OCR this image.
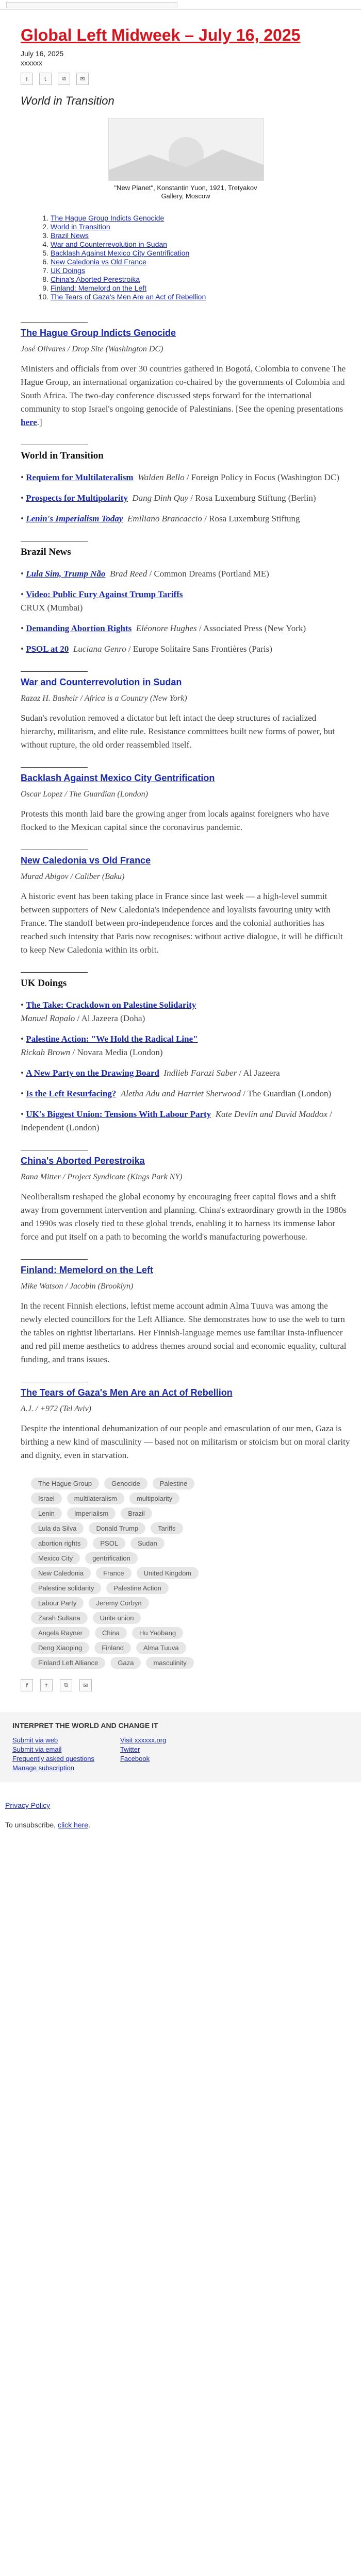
Global Left Midweek – July 16, 2025
July 16, 2025
xxxxxx
f	t	⧉ ✉
World in Transition
"New Planet", Konstantin Yuon, 1921, Tretyakov Gallery, Moscow
1. The Hague Group Indicts Genocide
2. World in Transition
3. Brazil News
4. War and Counterrevolution in Sudan
5. Backlash Against Mexico City Gentrification
6. New Caledonia vs Old France
7. UK Doings
8. China's Aborted Perestroika
9. Finland: Memelord on the Left
10. The Tears of Gaza's Men Are an Act of Rebellion
The Hague Group Indicts Genocide
José Olivares / Drop Site (Washington DC)

Ministers and officials from over 30 countries gathered in Bogotá, Colombia to convene The Hague Group, an international organization co-chaired by the governments of Colombia and South Africa. The two-day conference discussed steps forward for the international community to stop Israel's ongoing genocide of Palestinians. [See the opening presentations here.]

World in Transition
• Requiem for Multilateralism Walden Bello / Foreign Policy in Focus (Washington DC)
• Prospects for Multipolarity Dang Dinh Quy / Rosa Luxemburg Stiftung (Berlin)
• Lenin's Imperialism Today Emiliano Brancaccio / Rosa Luxemburg Stiftung
Brazil News
• Lula Sim, Trump Não Brad Reed / Common Dreams (Portland ME)
• Video: Public Fury Against Trump Tariffs
CRUX (Mumbai)
• Demanding Abortion Rights Eléonore Hughes / Associated Press (New York)
• PSOL at 20 Luciana Genro / Europe Solitaire Sans Frontières (Paris)
War and Counterrevolution in Sudan
Razaz H. Basheir / Africa is a Country (New York)

Sudan's revolution removed a dictator but left intact the deep structures of racialized hierarchy, militarism, and elite rule. Resistance committees built new forms of power, but without rupture, the old order reassembled itself.

Backlash Against Mexico City Gentrification
Oscar Lopez / The Guardian (London)

Protests this month laid bare the growing anger from locals against foreigners who have flocked to the Mexican capital since the coronavirus pandemic.

New Caledonia vs Old France
Murad Abigov / Caliber (Baku)

A historic event has been taking place in France since last week — a high-level summit between supporters of New Caledonia's independence and loyalists favouring unity with France. The standoff between pro-independence forces and the colonial authorities has reached such intensity that Paris now recognises: without active dialogue, it will be difficult to keep New Caledonia within its orbit.

UK Doings
• The Take: Crackdown on Palestine Solidarity
Manuel Rapalo / Al Jazeera (Doha)
• Palestine Action: "We Hold the Radical Line"
Rickah Brown / Novara Media (London)
• A New Party on the Drawing Board Indlieb Farazi Saber / Al Jazeera
• Is the Left Resurfacing? Aletha Adu and Harriet Sherwood / The Guardian (London)
• UK's Biggest Union: Tensions With Labour Party Kate Devlin and David Maddox / Independent (London)
China's Aborted Perestroika
Rana Mitter / Project Syndicate (Kings Park NY)

Neoliberalism reshaped the global economy by encouraging freer capital flows and a shift away from government intervention and planning. China's extraordinary growth in the 1980s and 1990s was closely tied to these global trends, enabling it to harness its immense labor force and put itself on a path to becoming the world's manufacturing powerhouse.

Finland: Memelord on the Left
Mike Watson / Jacobin (Brooklyn)

In the recent Finnish elections, leftist meme account admin Alma Tuuva was among the newly elected councillors for the Left Alliance. She demonstrates how to use the web to turn the tables on rightist libertarians. Her Finnish-language memes use familiar Insta-influencer and red pill meme aesthetics to address themes around social and economic equality, cultural funding, and trans issues.

The Tears of Gaza's Men Are an Act of Rebellion
A.J. / +972 (Tel Aviv)

Despite the intentional dehumanization of our people and emasculation of our men, Gaza is birthing a new kind of masculinity — based not on militarism or stoicism but on moral clarity and dignity, even in starvation.

The Hague Group	Genocide	Palestine
Israel	multilateralism	multipolarity
Lenin	Imperialism	Brazil
Lula da Silva	Donald Trump	Tariffs
abortion rights	PSOL	Sudan
Mexico City	gentrification
New Caledonia	France	United Kingdom
Palestine solidarity	Palestine Action
Labour Party	Jeremy Corbyn
Zarah Sultana	Unite union
Angela Rayner	China	Hu Yaobang
Deng Xiaoping	Finland	Alma Tuuva
Finland Left Alliance	Gaza	masculinity
f	t	⧉	✉
INTERPRET THE WORLD AND CHANGE IT
Submit via web
Submit via email
Frequently asked questions
Manage subscription
Visit xxxxxx.org
Twitter
Facebook
Privacy Policy
To unsubscribe, click here.
